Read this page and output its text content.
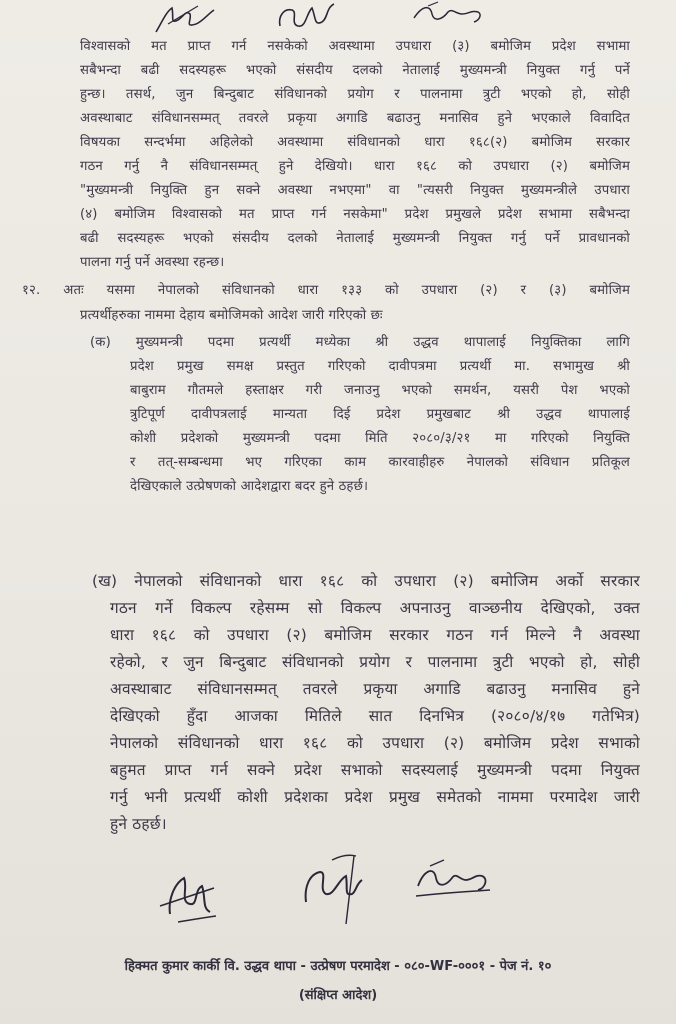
विश्वासको मत प्राप्त गर्न नसकेको अवस्थामा उपधारा (३) बमोजिम प्रदेश सभामा
सबैभन्दा बढी सदस्यहरू भएको संसदीय दलको नेतालाई मुख्यमन्त्री नियुक्त गर्नु पर्ने
हुन्छ। तसर्थ, जुन बिन्दुबाट संविधानको प्रयोग र पालनामा त्रुटी भएको हो, सोही
अवस्थाबाट संविधानसम्मत् तवरले प्रकृया अगाडि बढाउनु मनासिव हुने भएकाले विवादित
विषयका सन्दर्भमा अहिलेको अवस्थामा संविधानको धारा १६८(२) बमोजिम सरकार
गठन गर्नु नै संविधानसम्मत् हुने देखियो। धारा १६८ को उपधारा (२) बमोजिम
"मुख्यमन्त्री नियुक्ति हुन सक्ने अवस्था नभएमा" वा "त्यसरी नियुक्त मुख्यमन्त्रीले उपधारा
(४) बमोजिम विश्वासको मत प्राप्त गर्न नसकेमा" प्रदेश प्रमुखले प्रदेश सभामा सबैभन्दा
बढी सदस्यहरू भएको संसदीय दलको नेतालाई मुख्यमन्त्री नियुक्त गर्नु पर्ने प्रावधानको
पालना गर्नु पर्ने अवस्था रहन्छ।
१२. अतः यसमा नेपालको संविधानको धारा १३३ को उपधारा (२) र (३) बमोजिम
प्रत्यर्थीहरुका नाममा देहाय बमोजिमको आदेश जारी गरिएको छः
(क) मुख्यमन्त्री पदमा प्रत्यर्थी मध्येका श्री उद्धव थापालाई नियुक्तिका लागि
प्रदेश प्रमुख समक्ष प्रस्तुत गरिएको दावीपत्रमा प्रत्यर्थी मा. सभामुख श्री
बाबुराम गौतमले हस्ताक्षर गरी जनाउनु भएको समर्थन, यसरी पेश भएको
त्रुटिपूर्ण दावीपत्रलाई मान्यता दिई प्रदेश प्रमुखबाट श्री उद्धव थापालाई
कोशी प्रदेशको मुख्यमन्त्री पदमा मिति २०८०/३/२१ मा गरिएको नियुक्ति
र तत्-सम्बन्धमा भए गरिएका काम कारवाहीहरु नेपालको संविधान प्रतिकूल
देखिएकाले उत्प्रेषणको आदेशद्वारा बदर हुने ठहर्छ।
(ख) नेपालको संविधानको धारा १६८ को उपधारा (२) बमोजिम अर्को सरकार
गठन गर्ने विकल्प रहेसम्म सो विकल्प अपनाउनु वाञ्छनीय देखिएको, उक्त
धारा १६८ को उपधारा (२) बमोजिम सरकार गठन गर्न मिल्ने नै अवस्था
रहेको, र जुन बिन्दुबाट संविधानको प्रयोग र पालनामा त्रुटी भएको हो, सोही
अवस्थाबाट संविधानसम्मत् तवरले प्रकृया अगाडि बढाउनु मनासिव हुने
देखिएको हुँदा आजका मितिले सात दिनभित्र (२०८०/४/१७ गतेभित्र)
नेपालको संविधानको धारा १६८ को उपधारा (२) बमोजिम प्रदेश सभाको
बहुमत प्राप्त गर्न सक्ने प्रदेश सभाको सदस्यलाई मुख्यमन्त्री पदमा नियुक्त
गर्नु भनी प्रत्यर्थी कोशी प्रदेशका प्रदेश प्रमुख समेतको नाममा परमादेश जारी
हुने ठहर्छ।
हिक्मत कुमार कार्की वि. उद्धव थापा - उत्प्रेषण परमादेश - ०८०-WF-०००१ - पेज नं. १०
(संक्षिप्त आदेश)
